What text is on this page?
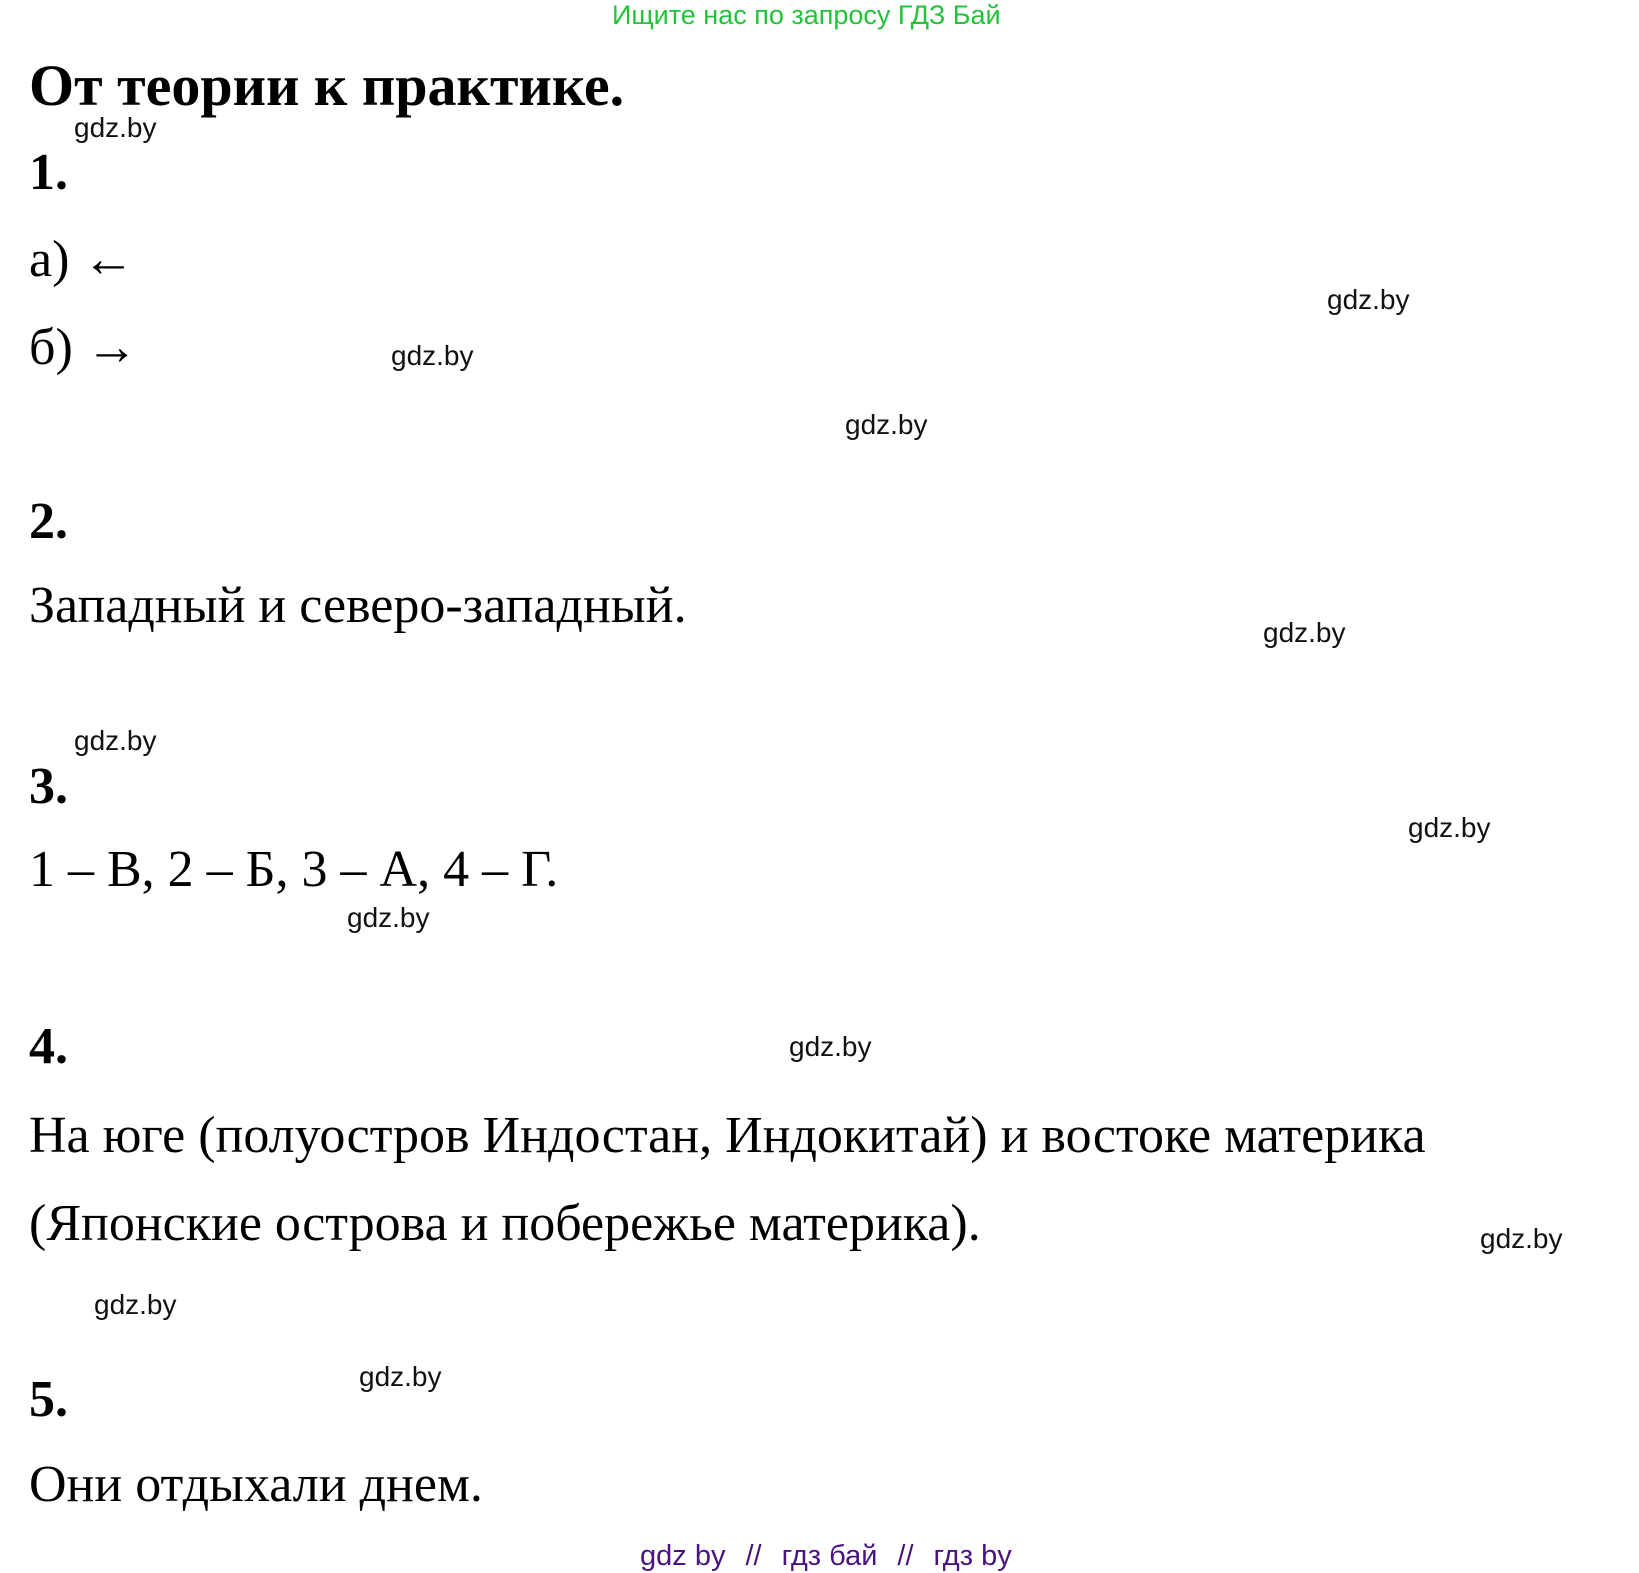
Ищите нас по запросу ГДЗ Бай
От теории к практике.
1.
а) ←
б) →
2.
Западный и северо-западный.
3.
1 – В, 2 – Б, 3 – А, 4 – Г.
4.
На юге (полуостров Индостан, Индокитай) и востоке материка
(Японские острова и побережье материка).
5.
Они отдыхали днем.
gdz.by
gdz.by
gdz.by
gdz.by
gdz.by
gdz.by
gdz.by
gdz.by
gdz.by
gdz.by
gdz.by
gdz.by
gdz by // гдз бай // гдз by
